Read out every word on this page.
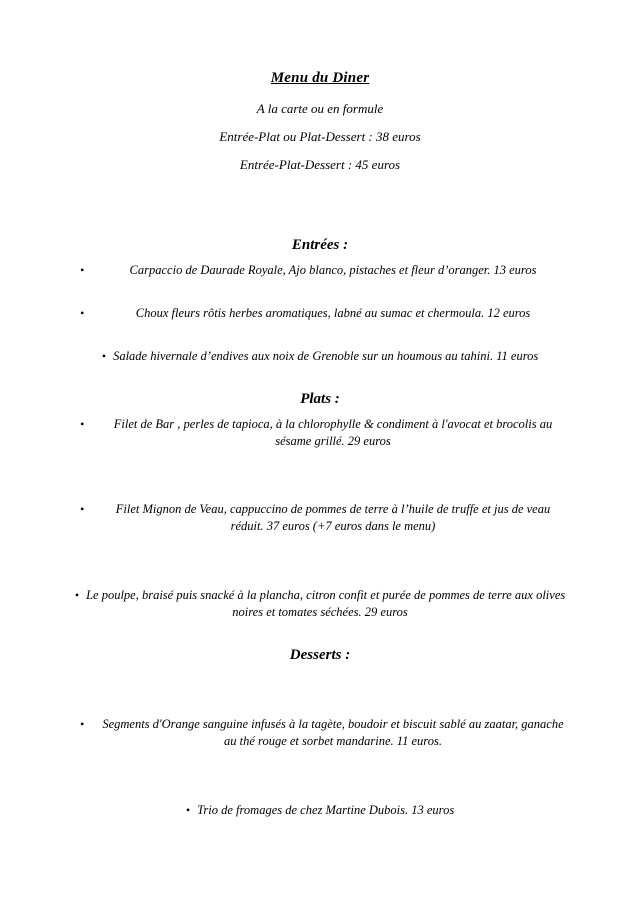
Menu du Diner

A la carte ou en formule

Entrée-Plat ou Plat-Dessert : 38 euros

Entrée-Plat-Dessert : 45 euros

Entrées :
•	Carpaccio de Daurade Royale, Ajo blanco, pistaches et fleur d’oranger. 13 euros
•	Choux fleurs rôtis herbes aromatiques, labné au sumac et chermoula. 12 euros
• Salade hivernale d’endives aux noix de Grenoble sur un houmous au tahini. 11 euros
Plats :
• Filet de Bar , perles de tapioca, à la chlorophylle & condiment à l'avocat et brocolis au sésame grillé. 29 euros
•	Filet Mignon de Veau, cappuccino de pommes de terre à l’huile de truffe et jus de veau réduit. 37 euros (+7 euros dans le menu)
• Le poulpe, braisé puis snacké à la plancha, citron confit et purée de pommes de terre aux olives noires et tomates séchées. 29 euros
Desserts :
• Segments d'Orange sanguine infusés à la tagète, boudoir et biscuit sablé au zaatar, ganache au thé rouge et sorbet mandarine. 11 euros.
• Trio de fromages de chez Martine Dubois. 13 euros
